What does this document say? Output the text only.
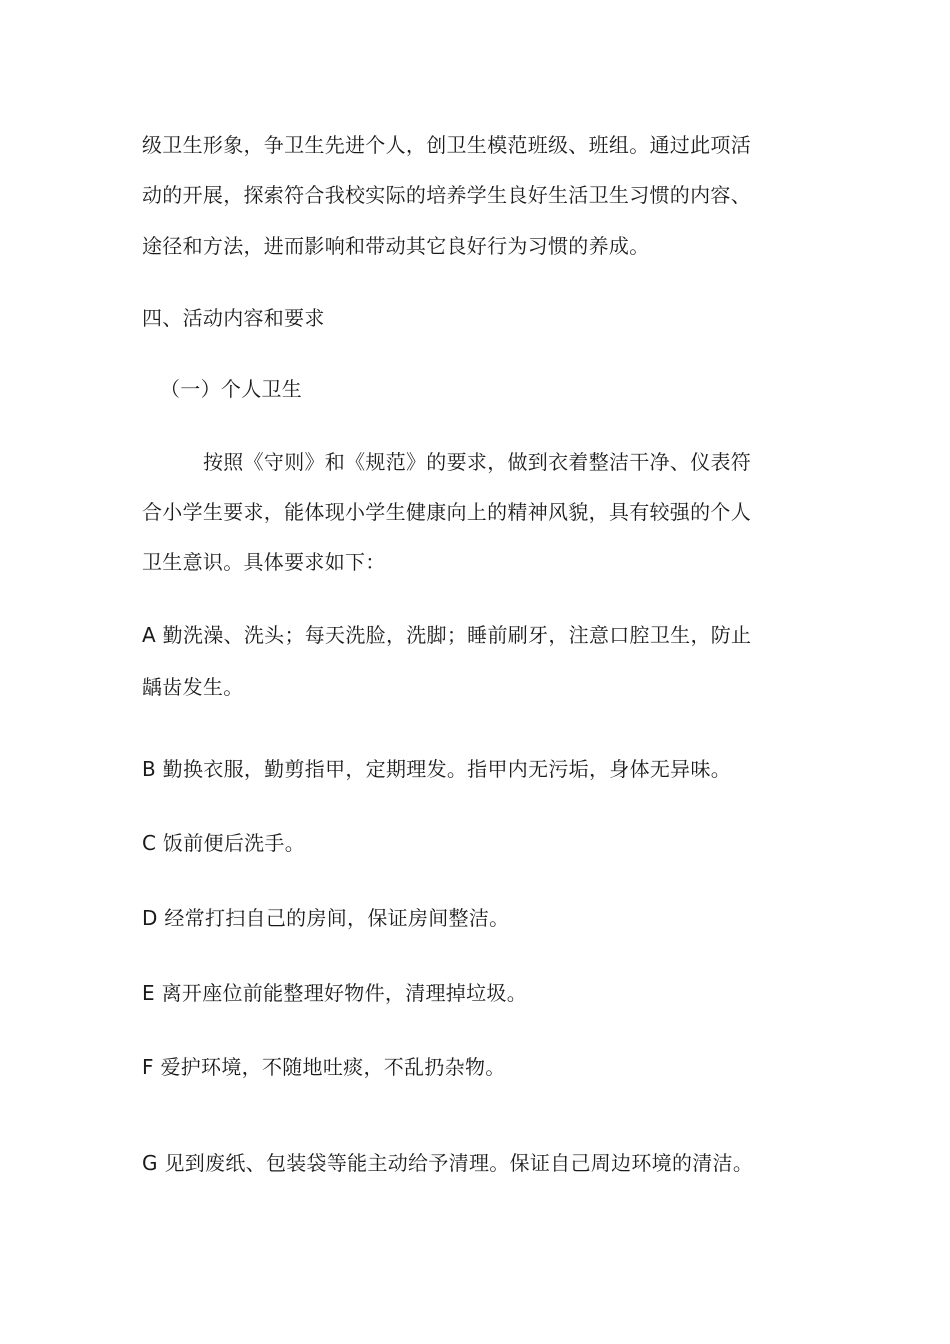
级卫生形象，争卫生先进个人，创卫生模范班级、班组。通过此项活
动的开展，探索符合我校实际的培养学生良好生活卫生习惯的内容、
途径和方法，进而影响和带动其它良好行为习惯的养成。
四、活动内容和要求
（一）个人卫生
按照《守则》和《规范》的要求，做到衣着整洁干净、仪表符
合小学生要求，能体现小学生健康向上的精神风貌，具有较强的个人
卫生意识。具体要求如下：
A 勤洗澡、洗头；每天洗脸，洗脚；睡前刷牙，注意口腔卫生，防止
龋齿发生。
B 勤换衣服，勤剪指甲，定期理发。指甲内无污垢，身体无异味。
C 饭前便后洗手。
D 经常打扫自己的房间，保证房间整洁。
E 离开座位前能整理好物件，清理掉垃圾。
F 爱护环境，不随地吐痰，不乱扔杂物。
G 见到废纸、包装袋等能主动给予清理。保证自己周边环境的清洁。
